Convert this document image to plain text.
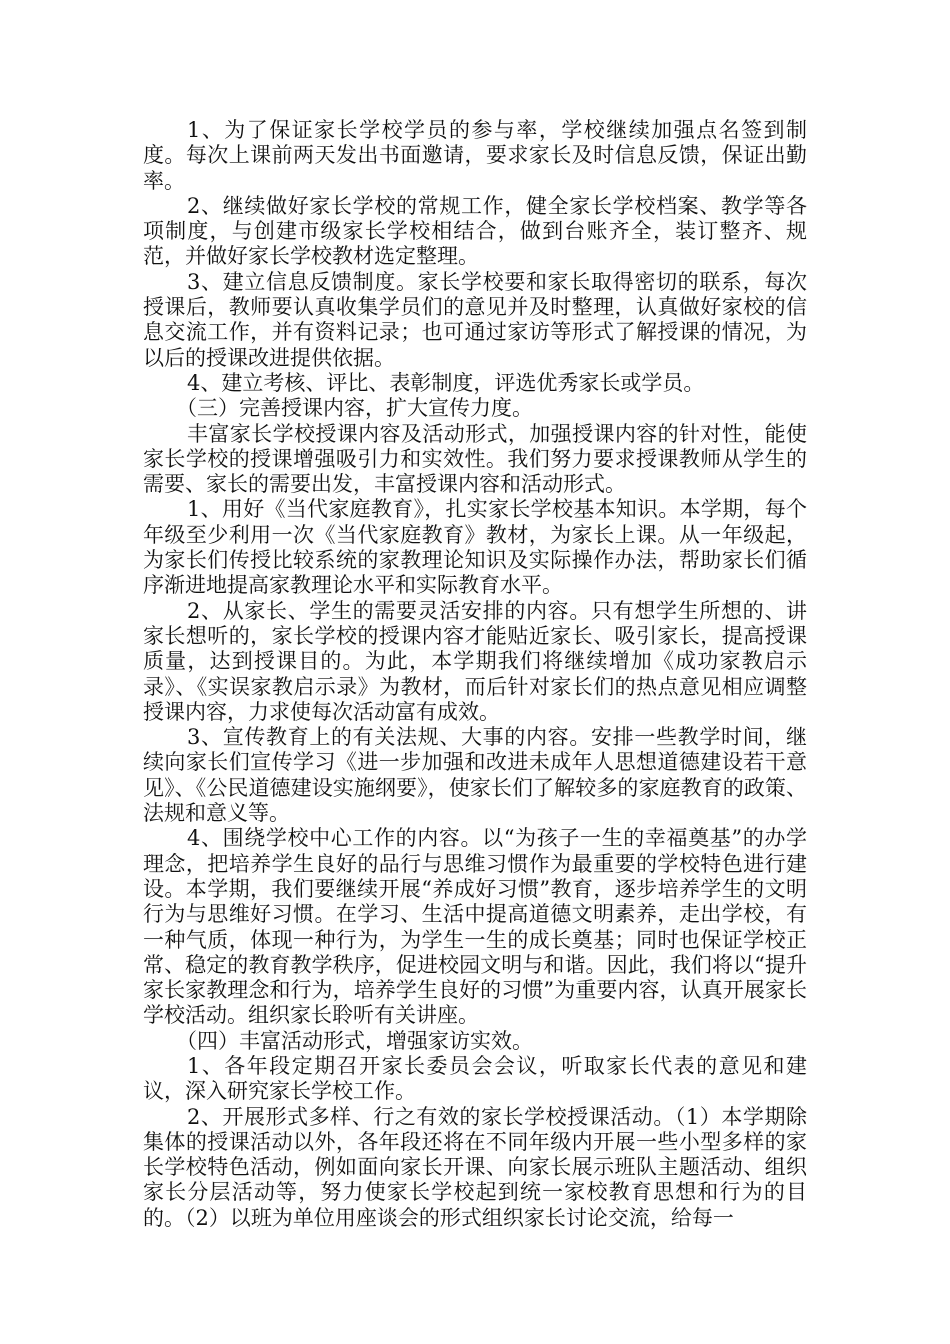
1、为了保证家长学校学员的参与率，学校继续加强点名签到制度。每次上课前两天发出书面邀请，要求家长及时信息反馈，保证出勤率。

2、继续做好家长学校的常规工作，健全家长学校档案、教学等各项制度，与创建市级家长学校相结合，做到台账齐全，装订整齐、规范，并做好家长学校教材选定整理。

3、建立信息反馈制度。家长学校要和家长取得密切的联系，每次授课后，教师要认真收集学员们的意见并及时整理，认真做好家校的信息交流工作，并有资料记录；也可通过家访等形式了解授课的情况，为以后的授课改进提供依据。

4、建立考核、评比、表彰制度，评选优秀家长或学员。

（三）完善授课内容，扩大宣传力度。

丰富家长学校授课内容及活动形式，加强授课内容的针对性，能使家长学校的授课增强吸引力和实效性。我们努力要求授课教师从学生的需要、家长的需要出发，丰富授课内容和活动形式。

1、用好《当代家庭教育》，扎实家长学校基本知识。本学期，每个年级至少利用一次《当代家庭教育》教材，为家长上课。从一年级起，为家长们传授比较系统的家教理论知识及实际操作办法，帮助家长们循序渐进地提高家教理论水平和实际教育水平。

2、从家长、学生的需要灵活安排的内容。只有想学生所想的、讲家长想听的，家长学校的授课内容才能贴近家长、吸引家长，提高授课质量，达到授课目的。为此，本学期我们将继续增加《成功家教启示录》、《实误家教启示录》为教材，而后针对家长们的热点意见相应调整授课内容，力求使每次活动富有成效。

3、宣传教育上的有关法规、大事的内容。安排一些教学时间，继续向家长们宣传学习《进一步加强和改进未成年人思想道德建设若干意见》、《公民道德建设实施纲要》，使家长们了解较多的家庭教育的政策、法规和意义等。

4、围绕学校中心工作的内容。以“为孩子一生的幸福奠基”的办学理念，把培养学生良好的品行与思维习惯作为最重要的学校特色进行建设。本学期，我们要继续开展“养成好习惯”教育，逐步培养学生的文明行为与思维好习惯。在学习、生活中提高道德文明素养，走出学校，有一种气质，体现一种行为，为学生一生的成长奠基；同时也保证学校正常、稳定的教育教学秩序，促进校园文明与和谐。因此，我们将以“提升家长家教理念和行为，培养学生良好的习惯”为重要内容，认真开展家长学校活动。组织家长聆听有关讲座。

（四）丰富活动形式，增强家访实效。

1、各年段定期召开家长委员会会议，听取家长代表的意见和建议，深入研究家长学校工作。

2、开展形式多样、行之有效的家长学校授课活动。（1）本学期除集体的授课活动以外，各年段还将在不同年级内开展一些小型多样的家长学校特色活动，例如面向家长开课、向家长展示班队主题活动、组织家长分层活动等，努力使家长学校起到统一家校教育思想和行为的目的。（2）以班为单位用座谈会的形式组织家长讨论交流，给每一
